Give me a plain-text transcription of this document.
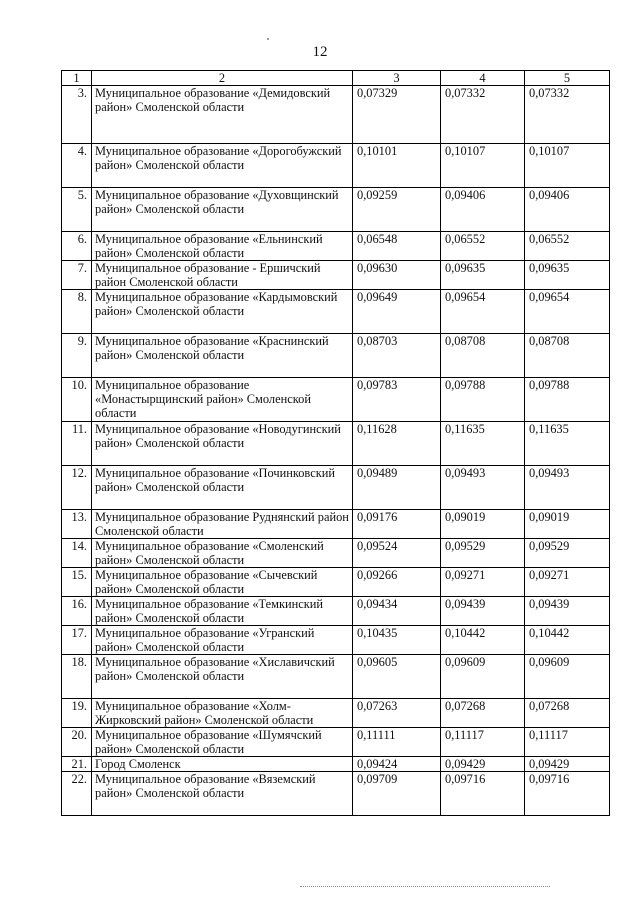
12
1	2	3	4	5
3.	Муниципальное образование «Демидовский район» Смоленской области	0,07329	0,07332	0,07332
4.	Муниципальное образование «Дорогобужский район» Смоленской области	0,10101	0,10107	0,10107
5.	Муниципальное образование «Духовщинский район» Смоленской области	0,09259	0,09406	0,09406
6.	Муниципальное образование «Ельнинский район» Смоленской области	0,06548	0,06552	0,06552
7.	Муниципальное образование - Ершичский район Смоленской области	0,09630	0,09635	0,09635
8.	Муниципальное образование «Кардымовский район» Смоленской области	0,09649	0,09654	0,09654
9.	Муниципальное образование «Краснинский район» Смоленской области	0,08703	0,08708	0,08708
10.	Муниципальное образование «Монастырщинский район» Смоленской области	0,09783	0,09788	0,09788
11.	Муниципальное образование «Новодугинский район» Смоленской области	0,11628	0,11635	0,11635
12.	Муниципальное образование «Починковский район» Смоленской области	0,09489	0,09493	0,09493
13.	Муниципальное образование Руднянский район Смоленской области	0,09176	0,09019	0,09019
14.	Муниципальное образование «Смоленский район» Смоленской области	0,09524	0,09529	0,09529
15.	Муниципальное образование «Сычевский район» Смоленской области	0,09266	0,09271	0,09271
16.	Муниципальное образование «Темкинский район» Смоленской области	0,09434	0,09439	0,09439
17.	Муниципальное образование «Угранский район» Смоленской области	0,10435	0,10442	0,10442
18.	Муниципальное образование «Хиславичский район» Смоленской области	0,09605	0,09609	0,09609
19.	Муниципальное образование «Холм-Жирковский район» Смоленской области	0,07263	0,07268	0,07268
20.	Муниципальное образование «Шумячский район» Смоленской области	0,11111	0,11117	0,11117
21.	Город Смоленск	0,09424	0,09429	0,09429
22.	Муниципальное образование «Вяземский район» Смоленской области	0,09709	0,09716	0,09716
